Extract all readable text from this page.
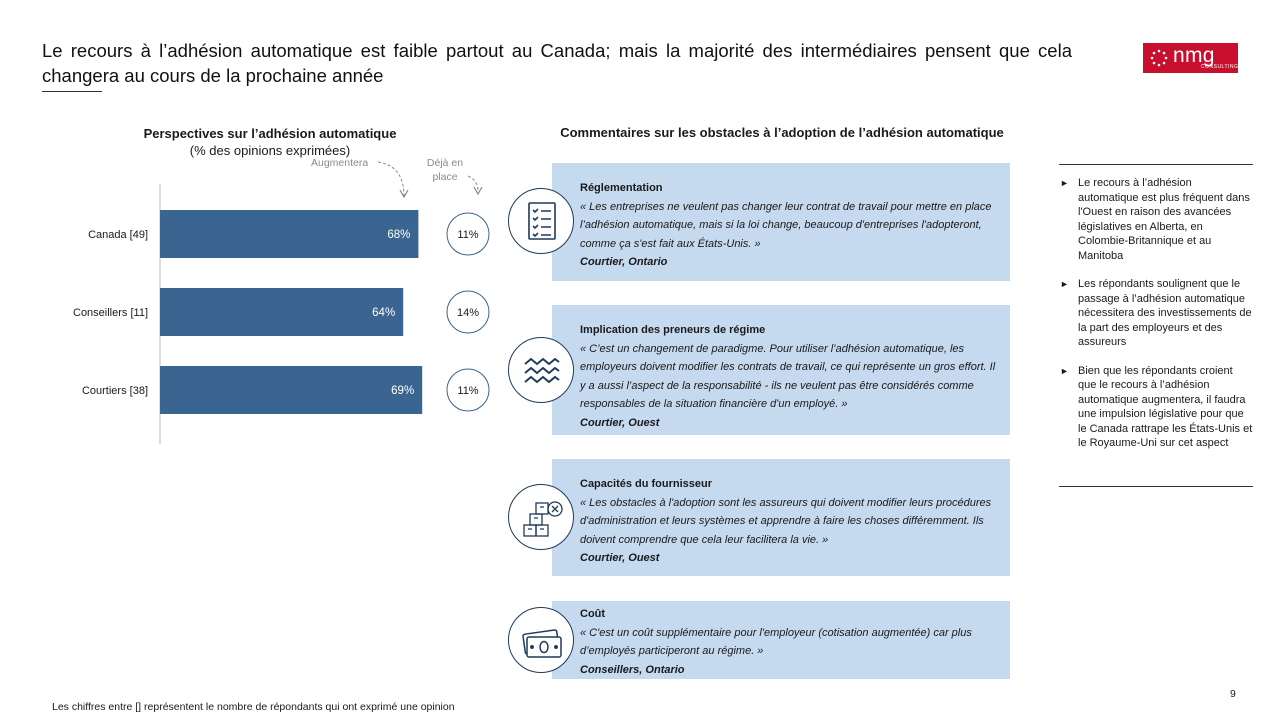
Le recours à l’adhésion automatique est faible partout au Canada; mais la majorité des intermédiaires pensent que cela changera au cours de la prochaine année
nmg
CONSULTING
Perspectives sur l’adhésion automatique
(% des opinions exprimées)
Augmentera	Déjà en
place
Canada [49]	68%	11%
Conseillers [11]	64%	14%
Courtiers [38]	69%	11%
Commentaires sur les obstacles à l’adoption de l’adhésion automatique
Réglementation
« Les entreprises ne veulent pas changer leur contrat de travail pour mettre en place l’adhésion automatique, mais si la loi change, beaucoup d'entreprises l'adopteront, comme ça s'est fait aux États-Unis. »
Courtier, Ontario
Implication des preneurs de régime
« C’est un changement de paradigme. Pour utiliser l’adhésion automatique, les employeurs doivent modifier les contrats de travail, ce qui représente un gros effort. Il y a aussi l’aspect de la responsabilité - ils ne veulent pas être considérés comme responsables de la situation financière d'un employé. »
Courtier, Ouest
Capacités du fournisseur
« Les obstacles à l'adoption sont les assureurs qui doivent modifier leurs procédures d'administration et leurs systèmes et apprendre à faire les choses différemment. Ils doivent comprendre que cela leur facilitera la vie. »
Courtier, Ouest
Coût
« C'est un coût supplémentaire pour l'employeur (cotisation augmentée) car plus d’employés participeront au régime. »
Conseillers, Ontario
► Le recours à l’adhésion automatique est plus fréquent dans l'Ouest en raison des avancées législatives en Alberta, en Colombie-Britannique et au Manitoba
► Les répondants soulignent que le passage à l’adhésion automatique nécessitera des investissements de la part des employeurs et des assureurs
► Bien que les répondants croient que le recours à l’adhésion automatique augmentera, il faudra une impulsion législative pour que le Canada rattrape les États-Unis et le Royaume-Uni sur cet aspect
Les chiffres entre [] représentent le nombre de répondants qui ont exprimé une opinion
9
